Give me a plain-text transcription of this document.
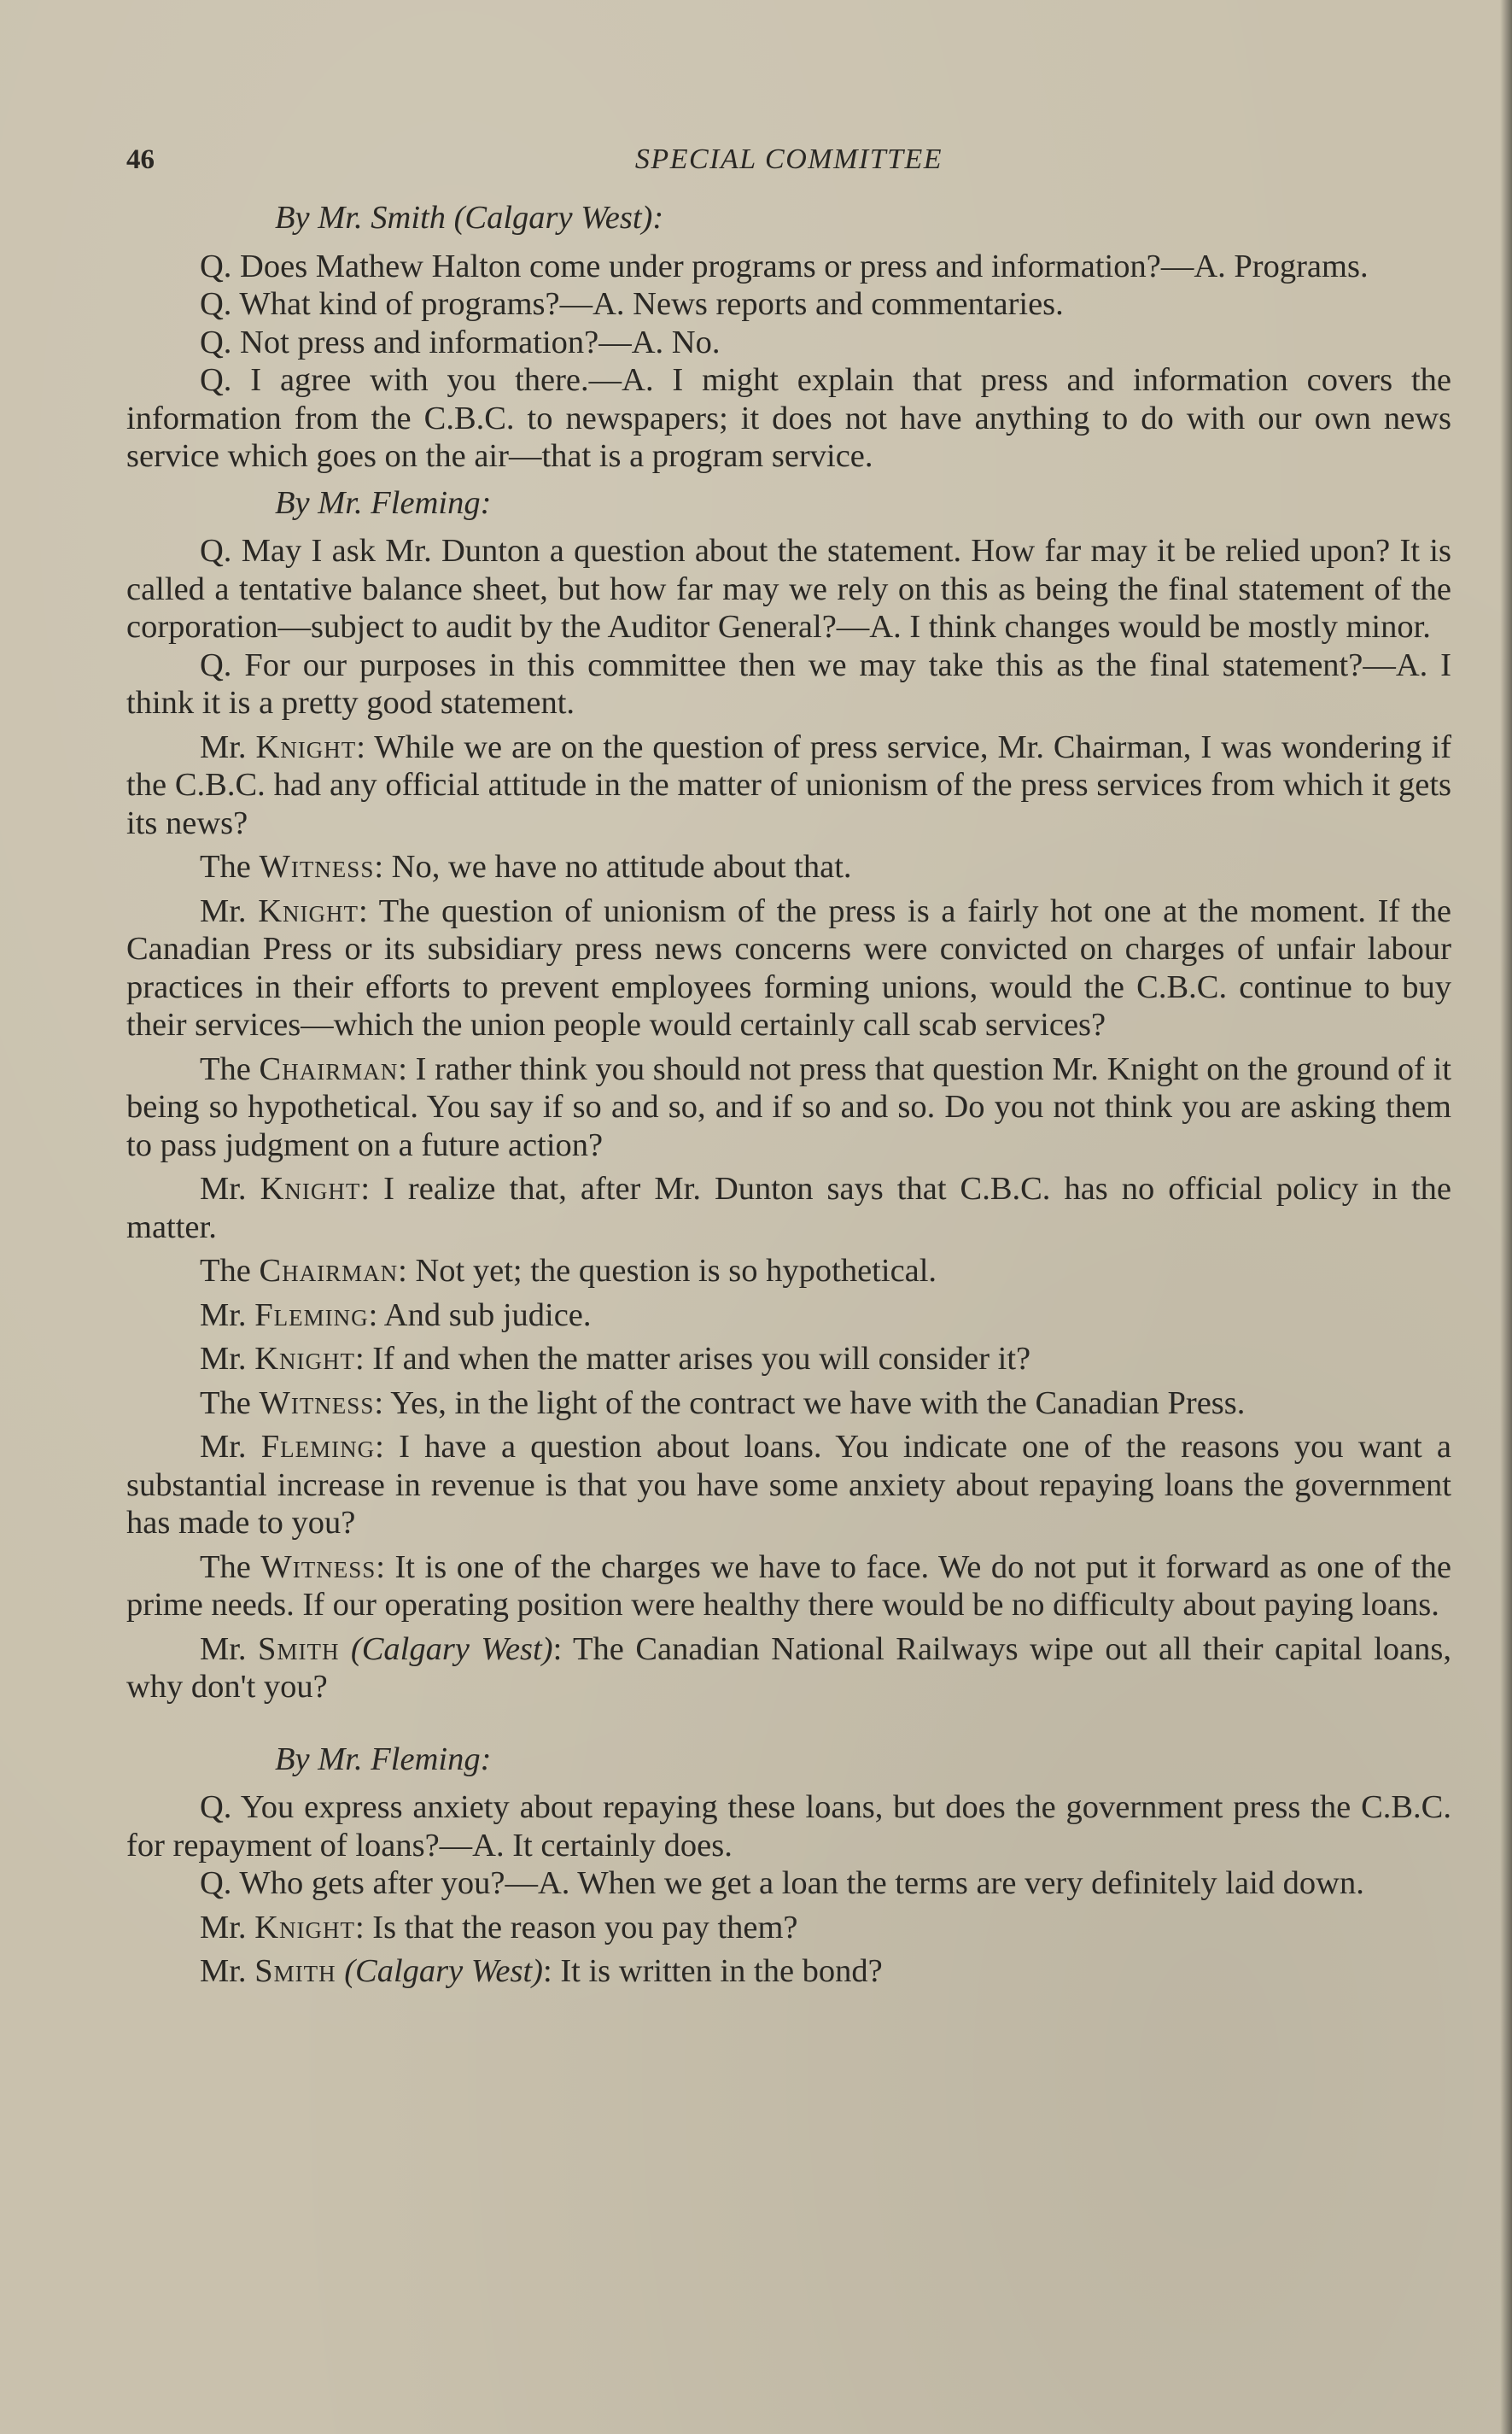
46	SPECIAL COMMITTEE
By Mr. Smith (Calgary West):

Q. Does Mathew Halton come under programs or press and information?—A. Programs.

Q. What kind of programs?—A. News reports and commentaries.

Q. Not press and information?—A. No.

Q. I agree with you there.—A. I might explain that press and information covers the information from the C.B.C. to newspapers; it does not have anything to do with our own news service which goes on the air—that is a program service.

By Mr. Fleming:

Q. May I ask Mr. Dunton a question about the statement. How far may it be relied upon? It is called a tentative balance sheet, but how far may we rely on this as being the final statement of the corporation—subject to audit by the Auditor General?—A. I think changes would be mostly minor.

Q. For our purposes in this committee then we may take this as the final statement?—A. I think it is a pretty good statement.

Mr. Knight: While we are on the question of press service, Mr. Chairman, I was wondering if the C.B.C. had any official attitude in the matter of unionism of the press services from which it gets its news?

The Witness: No, we have no attitude about that.

Mr. Knight: The question of unionism of the press is a fairly hot one at the moment. If the Canadian Press or its subsidiary press news concerns were convicted on charges of unfair labour practices in their efforts to prevent employees forming unions, would the C.B.C. continue to buy their services—which the union people would certainly call scab services?

The Chairman: I rather think you should not press that question Mr. Knight on the ground of it being so hypothetical. You say if so and so, and if so and so. Do you not think you are asking them to pass judgment on a future action?

Mr. Knight: I realize that, after Mr. Dunton says that C.B.C. has no official policy in the matter.

The Chairman: Not yet; the question is so hypothetical.

Mr. Fleming: And sub judice.

Mr. Knight: If and when the matter arises you will consider it?

The Witness: Yes, in the light of the contract we have with the Canadian Press.

Mr. Fleming: I have a question about loans. You indicate one of the reasons you want a substantial increase in revenue is that you have some anxiety about repaying loans the government has made to you?

The Witness: It is one of the charges we have to face. We do not put it forward as one of the prime needs. If our operating position were healthy there would be no difficulty about paying loans.

Mr. Smith (Calgary West): The Canadian National Railways wipe out all their capital loans, why don't you?

By Mr. Fleming:

Q. You express anxiety about repaying these loans, but does the government press the C.B.C. for repayment of loans?—A. It certainly does.

Q. Who gets after you?—A. When we get a loan the terms are very definitely laid down.

Mr. Knight: Is that the reason you pay them?

Mr. Smith (Calgary West): It is written in the bond?
